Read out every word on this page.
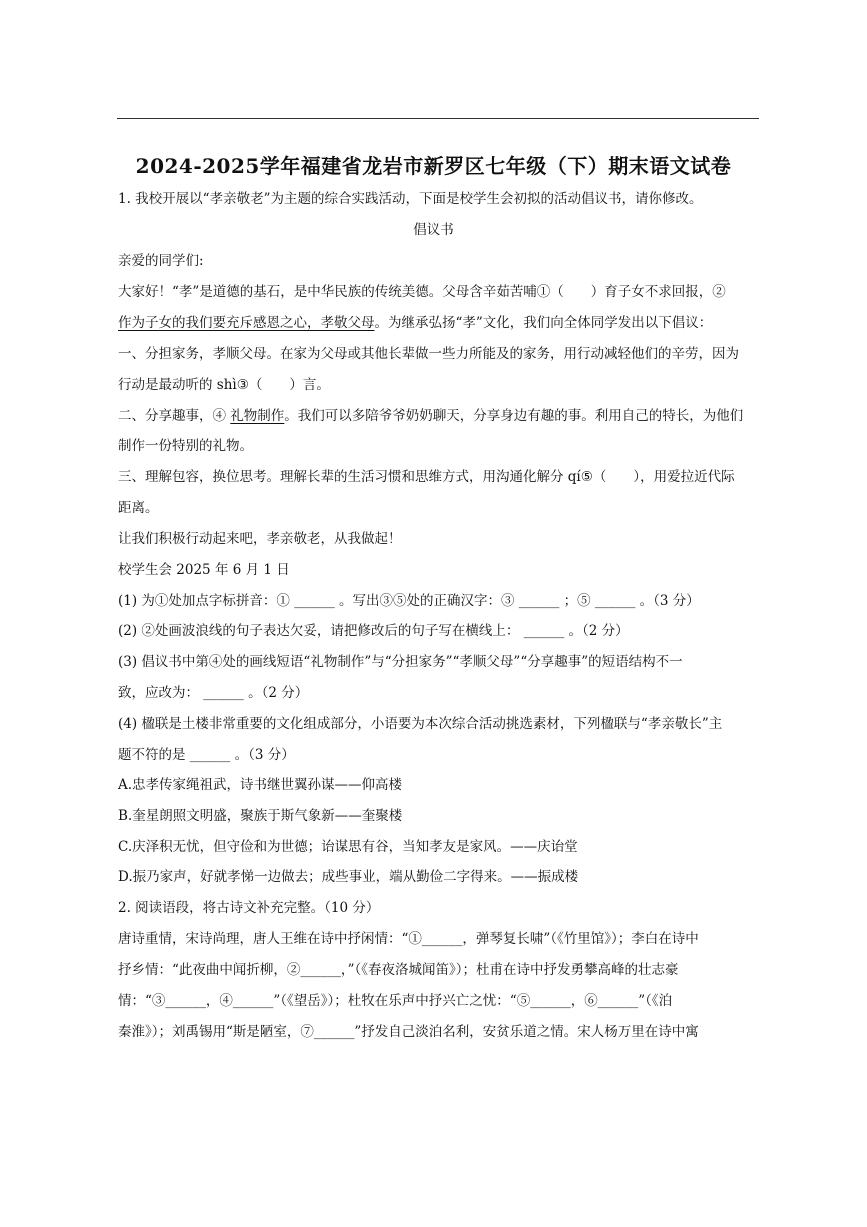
2024-2025学年福建省龙岩市新罗区七年级（下）期末语文试卷
1. 我校开展以“孝亲敬老”为主题的综合实践活动，下面是校学生会初拟的活动倡议书，请你修改。
倡议书
亲爱的同学们:
大家好！“孝”是道德的基石，是中华民族的传统美德。父母含辛茹苦哺①（　　）育子女不求回报，②
作为子女的我们要充斥感恩之心，孝敬父母。为继承弘扬“孝”文化，我们向全体同学发出以下倡议：
一、分担家务，孝顺父母。在家为父母或其他长辈做一些力所能及的家务，用行动减轻他们的辛劳，因为
行动是最动听的 shì③（　　）言。
二、分享趣事，④ 礼物制作。我们可以多陪爷爷奶奶聊天，分享身边有趣的事。利用自己的特长，为他们
制作一份特别的礼物。
三、理解包容，换位思考。理解长辈的生活习惯和思维方式，用沟通化解分 qí⑤（　　），用爱拉近代际
距离。
让我们积极行动起来吧，孝亲敬老，从我做起！
校学生会 2025 年 6 月 1 日
(1) 为①处加点字标拼音：① ______ 。写出③⑤处的正确汉字：③ ______ ；⑤ ______ 。（3 分）
(2) ②处画波浪线的句子表达欠妥，请把修改后的句子写在横线上： ______ 。（2 分）
(3) 倡议书中第④处的画线短语“礼物制作”与“分担家务”“孝顺父母”“分享趣事”的短语结构不一
致，应改为： ______ 。（2 分）
(4) 楹联是土楼非常重要的文化组成部分，小语要为本次综合活动挑选素材，下列楹联与“孝亲敬长”主
题不符的是 ______ 。（3 分）
A.忠孝传家绳祖武，诗书继世翼孙谋——仰高楼
B.奎星朗照文明盛，聚族于斯气象新——奎聚楼
C.庆泽积无忧，但守俭和为世德；诒谋思有谷，当知孝友是家风。——庆诒堂
D.振乃家声，好就孝悌一边做去；成些事业，端从勤俭二字得来。——振成楼
2. 阅读语段，将古诗文补充完整。（10 分）
唐诗重情，宋诗尚理，唐人王维在诗中抒闲情：“①______，弹琴复长啸”（《竹里馆》）；李白在诗中
抒乡情：“此夜曲中闻折柳，②______，”（《春夜洛城闻笛》）；杜甫在诗中抒发勇攀高峰的壮志豪
情：“③______，④______”（《望岳》）；杜牧在乐声中抒兴亡之忧：“⑤______，⑥______”（《泊
秦淮》）；刘禹锡用“斯是陋室，⑦______”抒发自己淡泊名利，安贫乐道之情。宋人杨万里在诗中寓
